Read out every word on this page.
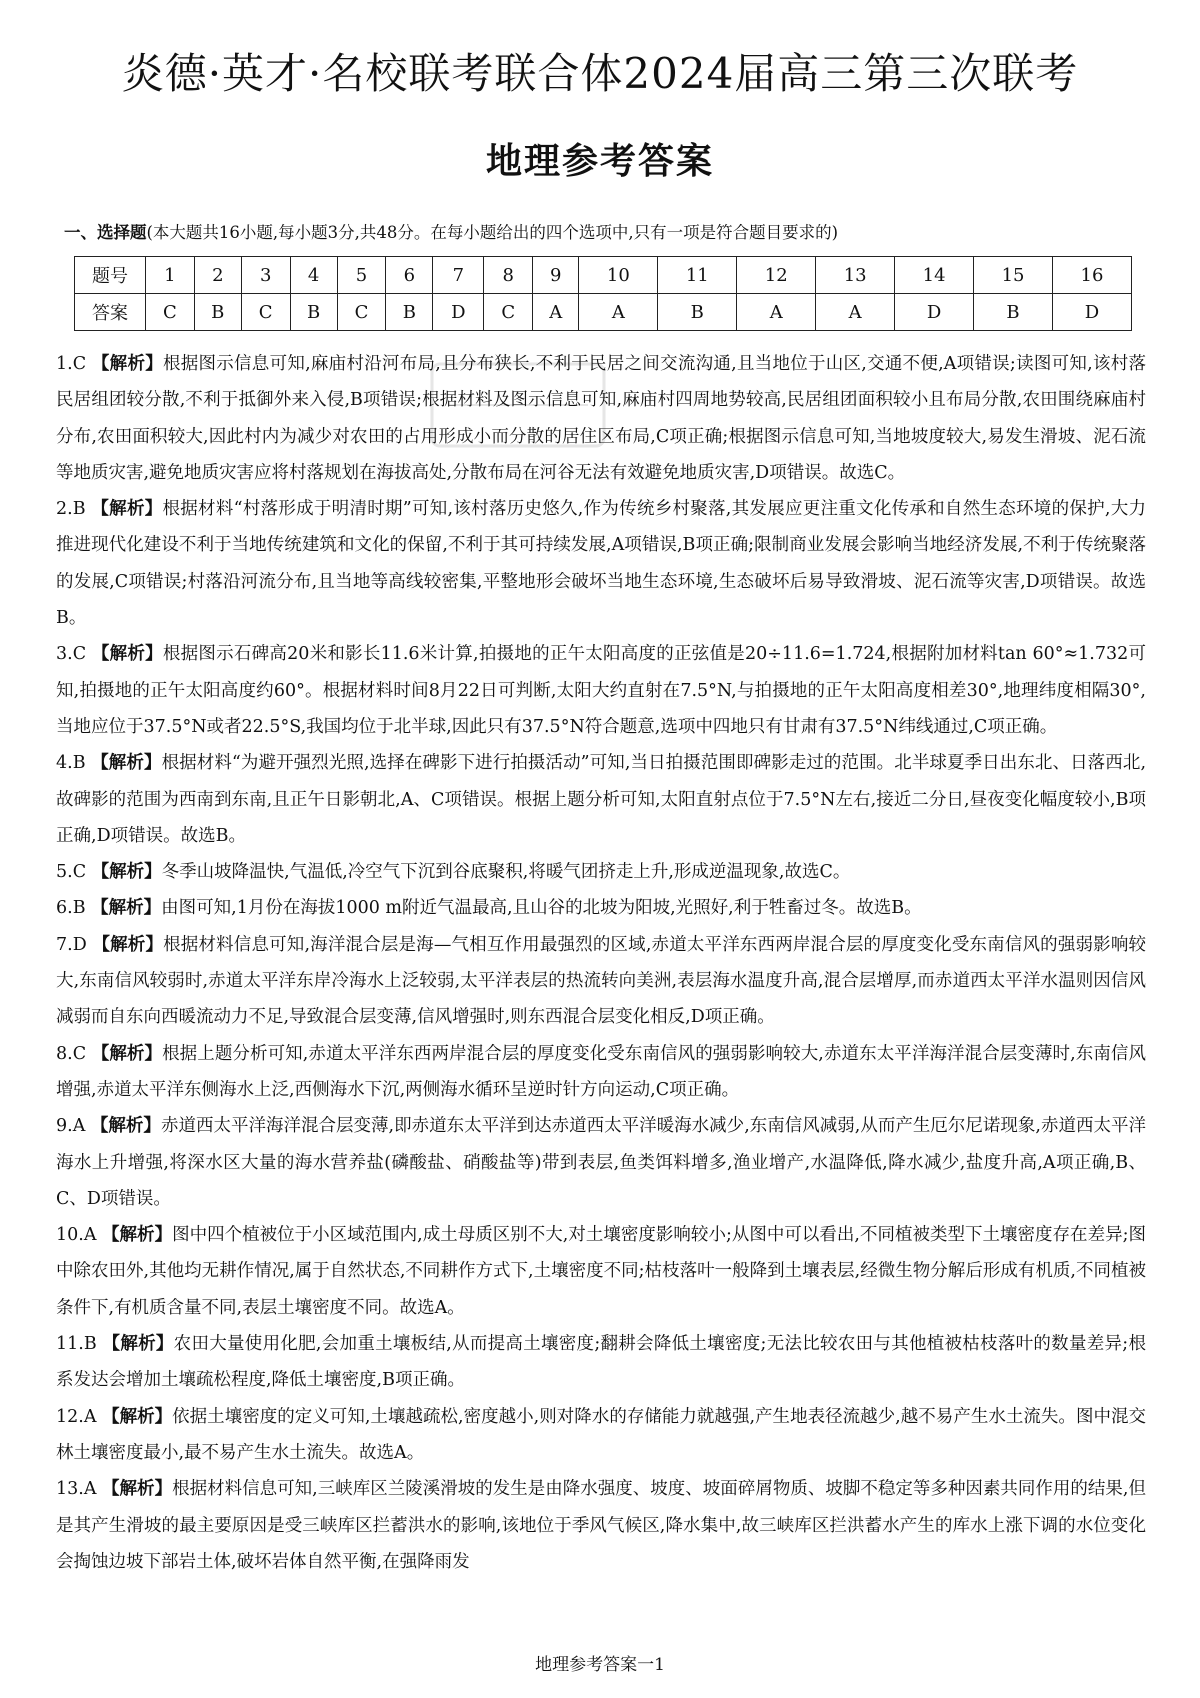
炎德·英才·名校联考联合体2024届高三第三次联考
地理参考答案
一、选择题(本大题共16小题,每小题3分,共48分。在每小题给出的四个选项中,只有一项是符合题目要求的)
题号	1	2	3	4	5	6	7	8	9	10	11	12	13	14	15	16
答案	C	B	C	B	C	B	D	C	A	A	B	A	A	D	B	D

1.C 【解析】根据图示信息可知,麻庙村沿河布局,且分布狭长,不利于民居之间交流沟通,且当地位于山区,交通不便,A项错误;读图可知,该村落民居组团较分散,不利于抵御外来入侵,B项错误;根据材料及图示信息可知,麻庙村四周地势较高,民居组团面积较小且布局分散,农田围绕麻庙村分布,农田面积较大,因此村内为减少对农田的占用形成小而分散的居住区布局,C项正确;根据图示信息可知,当地坡度较大,易发生滑坡、泥石流等地质灾害,避免地质灾害应将村落规划在海拔高处,分散布局在河谷无法有效避免地质灾害,D项错误。故选C。

2.B 【解析】根据材料“村落形成于明清时期”可知,该村落历史悠久,作为传统乡村聚落,其发展应更注重文化传承和自然生态环境的保护,大力推进现代化建设不利于当地传统建筑和文化的保留,不利于其可持续发展,A项错误,B项正确;限制商业发展会影响当地经济发展,不利于传统聚落的发展,C项错误;村落沿河流分布,且当地等高线较密集,平整地形会破坏当地生态环境,生态破坏后易导致滑坡、泥石流等灾害,D项错误。故选B。

3.C 【解析】根据图示石碑高20米和影长11.6米计算,拍摄地的正午太阳高度的正弦值是20÷11.6=1.724,根据附加材料tan 60°≈1.732可知,拍摄地的正午太阳高度约60°。根据材料时间8月22日可判断,太阳大约直射在7.5°N,与拍摄地的正午太阳高度相差30°,地理纬度相隔30°,当地应位于37.5°N或者22.5°S,我国均位于北半球,因此只有37.5°N符合题意,选项中四地只有甘肃有37.5°N纬线通过,C项正确。

4.B 【解析】根据材料“为避开强烈光照,选择在碑影下进行拍摄活动”可知,当日拍摄范围即碑影走过的范围。北半球夏季日出东北、日落西北,故碑影的范围为西南到东南,且正午日影朝北,A、C项错误。根据上题分析可知,太阳直射点位于7.5°N左右,接近二分日,昼夜变化幅度较小,B项正确,D项错误。故选B。

5.C 【解析】冬季山坡降温快,气温低,冷空气下沉到谷底聚积,将暖气团挤走上升,形成逆温现象,故选C。

6.B 【解析】由图可知,1月份在海拔1000 m附近气温最高,且山谷的北坡为阳坡,光照好,利于牲畜过冬。故选B。

7.D 【解析】根据材料信息可知,海洋混合层是海—气相互作用最强烈的区域,赤道太平洋东西两岸混合层的厚度变化受东南信风的强弱影响较大,东南信风较弱时,赤道太平洋东岸冷海水上泛较弱,太平洋表层的热流转向美洲,表层海水温度升高,混合层增厚,而赤道西太平洋水温则因信风减弱而自东向西暖流动力不足,导致混合层变薄,信风增强时,则东西混合层变化相反,D项正确。

8.C 【解析】根据上题分析可知,赤道太平洋东西两岸混合层的厚度变化受东南信风的强弱影响较大,赤道东太平洋海洋混合层变薄时,东南信风增强,赤道太平洋东侧海水上泛,西侧海水下沉,两侧海水循环呈逆时针方向运动,C项正确。

9.A 【解析】赤道西太平洋海洋混合层变薄,即赤道东太平洋到达赤道西太平洋暖海水减少,东南信风减弱,从而产生厄尔尼诺现象,赤道西太平洋海水上升增强,将深水区大量的海水营养盐(磷酸盐、硝酸盐等)带到表层,鱼类饵料增多,渔业增产,水温降低,降水减少,盐度升高,A项正确,B、C、D项错误。

10.A 【解析】图中四个植被位于小区域范围内,成土母质区别不大,对土壤密度影响较小;从图中可以看出,不同植被类型下土壤密度存在差异;图中除农田外,其他均无耕作情况,属于自然状态,不同耕作方式下,土壤密度不同;枯枝落叶一般降到土壤表层,经微生物分解后形成有机质,不同植被条件下,有机质含量不同,表层土壤密度不同。故选A。

11.B 【解析】农田大量使用化肥,会加重土壤板结,从而提高土壤密度;翻耕会降低土壤密度;无法比较农田与其他植被枯枝落叶的数量差异;根系发达会增加土壤疏松程度,降低土壤密度,B项正确。

12.A 【解析】依据土壤密度的定义可知,土壤越疏松,密度越小,则对降水的存储能力就越强,产生地表径流越少,越不易产生水土流失。图中混交林土壤密度最小,最不易产生水土流失。故选A。

13.A 【解析】根据材料信息可知,三峡库区兰陵溪滑坡的发生是由降水强度、坡度、坡面碎屑物质、坡脚不稳定等多种因素共同作用的结果,但是其产生滑坡的最主要原因是受三峡库区拦蓄洪水的影响,该地位于季风气候区,降水集中,故三峡库区拦洪蓄水产生的库水上涨下调的水位变化会掏蚀边坡下部岩土体,破坏岩体自然平衡,在强降雨发

地理参考答案一1
